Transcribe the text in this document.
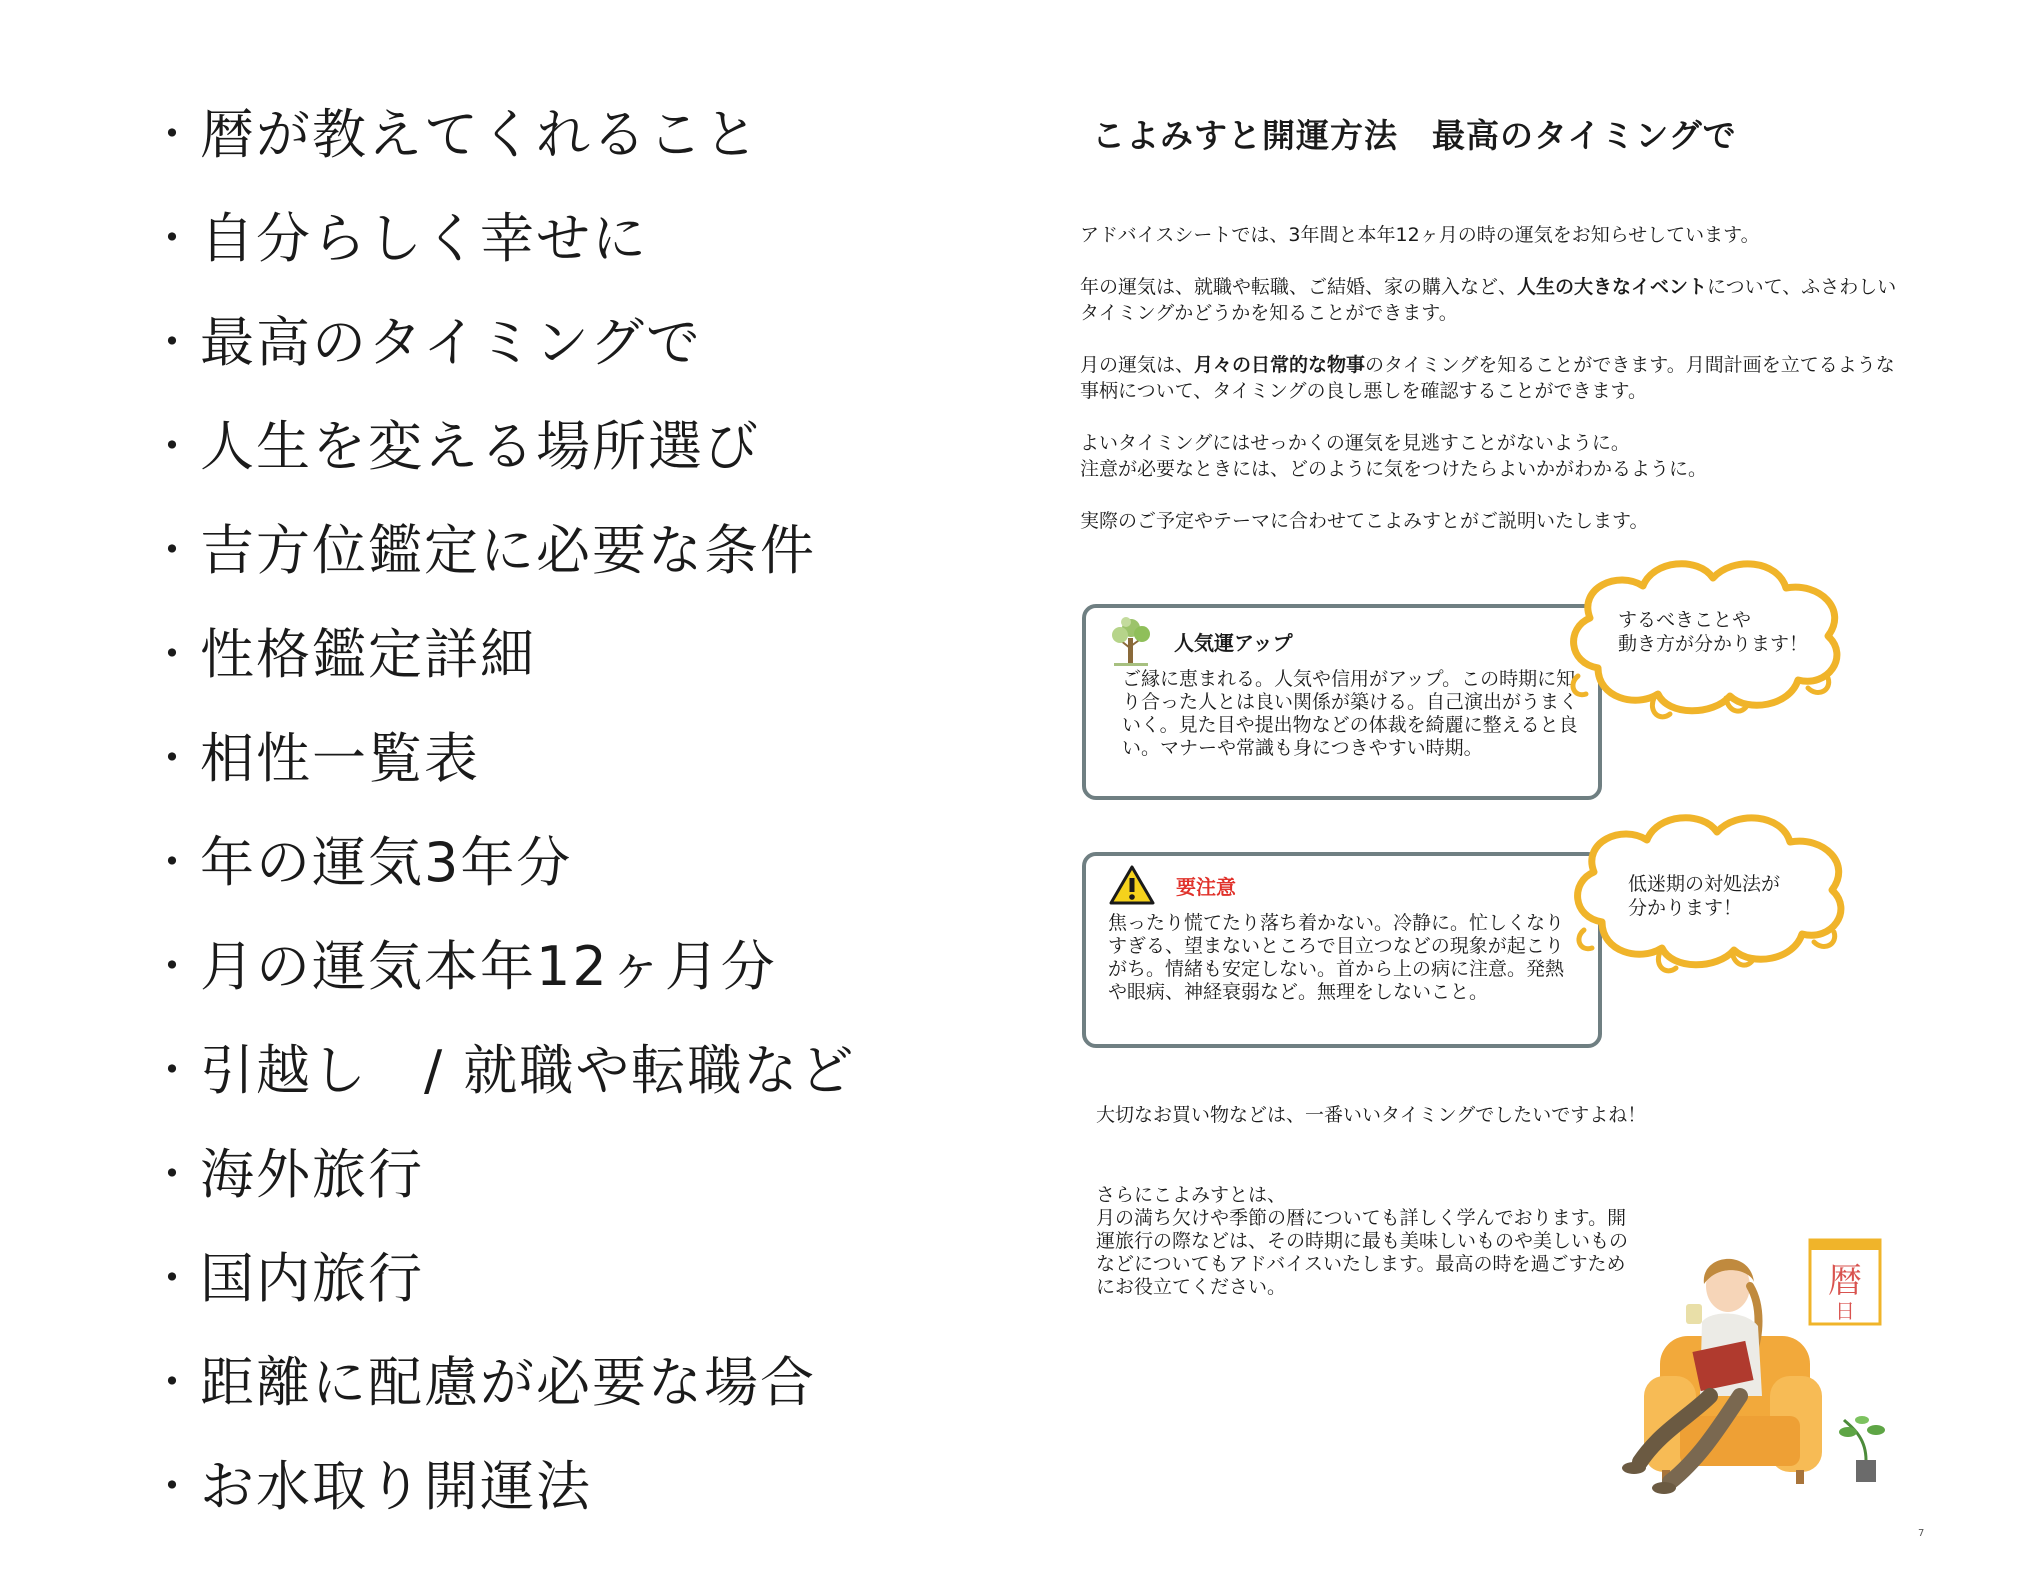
・ 暦が教えてくれること
・ 自分らしく幸せに
・ 最高のタイミングで
・ 人生を変える場所選び
・ 吉方位鑑定に必要な条件
・ 性格鑑定詳細
・ 相性一覧表
・ 年の運気3年分
・ 月の運気本年12ヶ月分
・ 引越し　/ 就職や転職など
・ 海外旅行
・ 国内旅行
・ 距離に配慮が必要な場合
・ お水取り開運法
こよみすと開運方法　最高のタイミングで

アドバイスシートでは、3年間と本年12ヶ月の時の運気をお知らせしています。

年の運気は、就職や転職、ご結婚、家の購入など、人生の大きなイベントについて、ふさわしいタイミングかどうかを知ることができます。

月の運気は、月々の日常的な物事のタイミングを知ることができます。月間計画を立てるような事柄について、タイミングの良し悪しを確認することができます。

よいタイミングにはせっかくの運気を見逃すことがないように。
注意が必要なときには、どのように気をつけたらよいかがわかるように。

実際のご予定やテーマに合わせてこよみすとがご説明いたします。

人気運アップ
ご縁に恵まれる。人気や信用がアップ。この時期に知り合った人とは良い関係が築ける。自己演出がうまくいく。見た目や提出物などの体裁を綺麗に整えると良い。マナーや常識も身につきやすい時期。
要注意
焦ったり慌てたり落ち着かない。冷静に。忙しくなりすぎる、望まないところで目立つなどの現象が起こりがち。情緒も安定しない。首から上の病に注意。発熱や眼病、神経衰弱など。無理をしないこと。
するべきことや
動き方が分かります！
低迷期の対処法が
分かります！
大切なお買い物などは、一番いいタイミングでしたいですよね！

さらにこよみすとは、

月の満ち欠けや季節の暦についても詳しく学んでおります。開運旅行の際などは、その時期に最も美味しいものや美しいものなどについてもアドバイスいたします。最高の時を過ごすためにお役立てください。	暦
日
7
